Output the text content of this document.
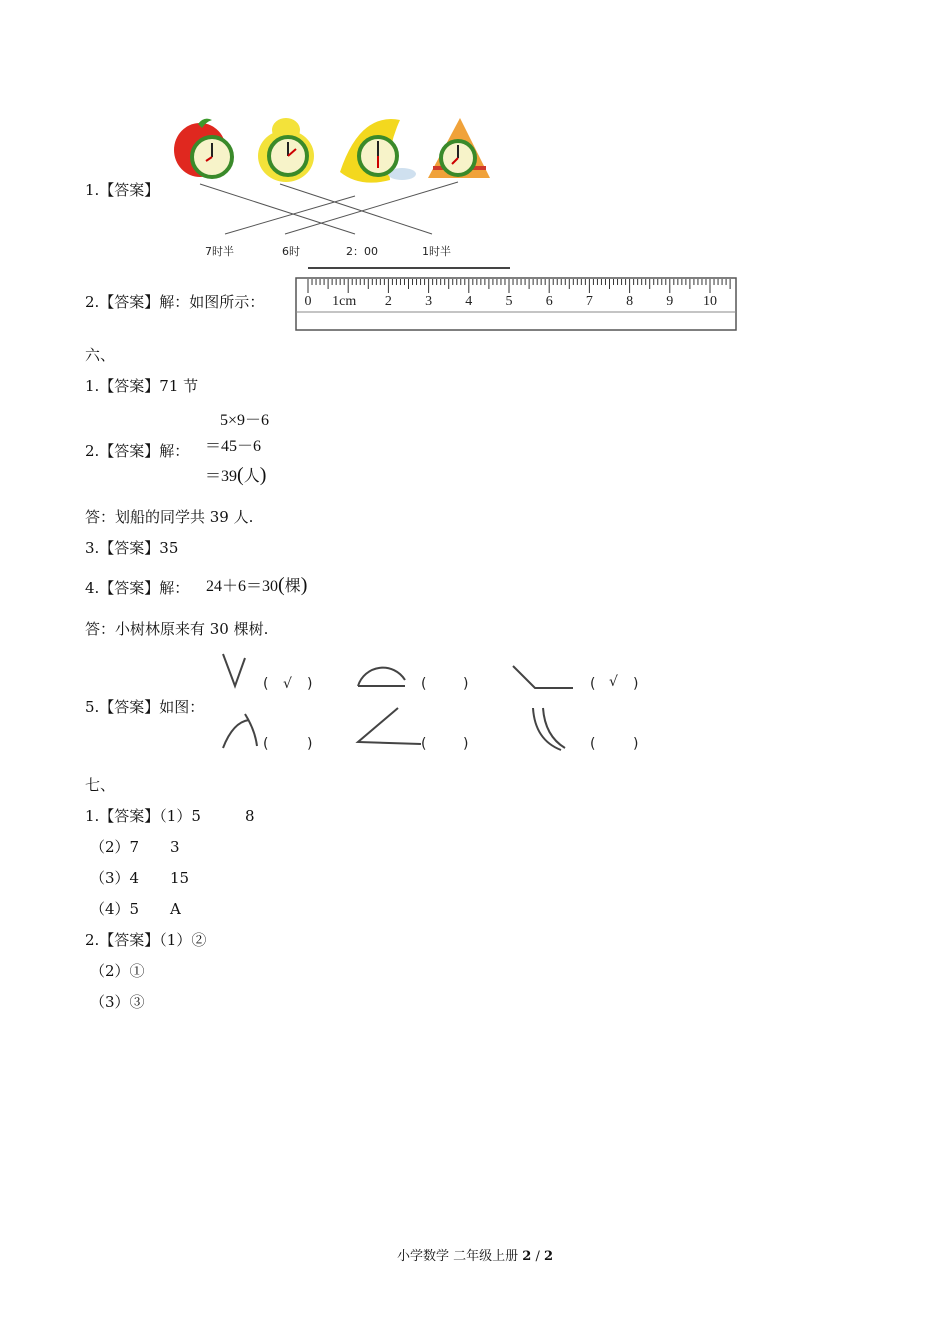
1.【答案】
7时半	6时	2：00	1时半
2.【答案】解：如图所示：	0 1cm 2 3 4 5 6 7 8 9 10
六、
1.【答案】71 节
2.【答案】解：
5×9－6
＝45－6
＝39(人)
答：划船的同学共 39 人.
3.【答案】35
4.【答案】解： 24＋6＝30(棵)
答：小树林原来有 30 棵树.
5.【答案】如图：
( √ )	(	)	( √ )
(	)	(	)	(	)
七、
1.【答案】（1）5	8
（2）7 3
（3）4 15
（4）5 A
2.【答案】（1）②
（2）①
（3）③
小学数学 二年级上册 2 / 2
